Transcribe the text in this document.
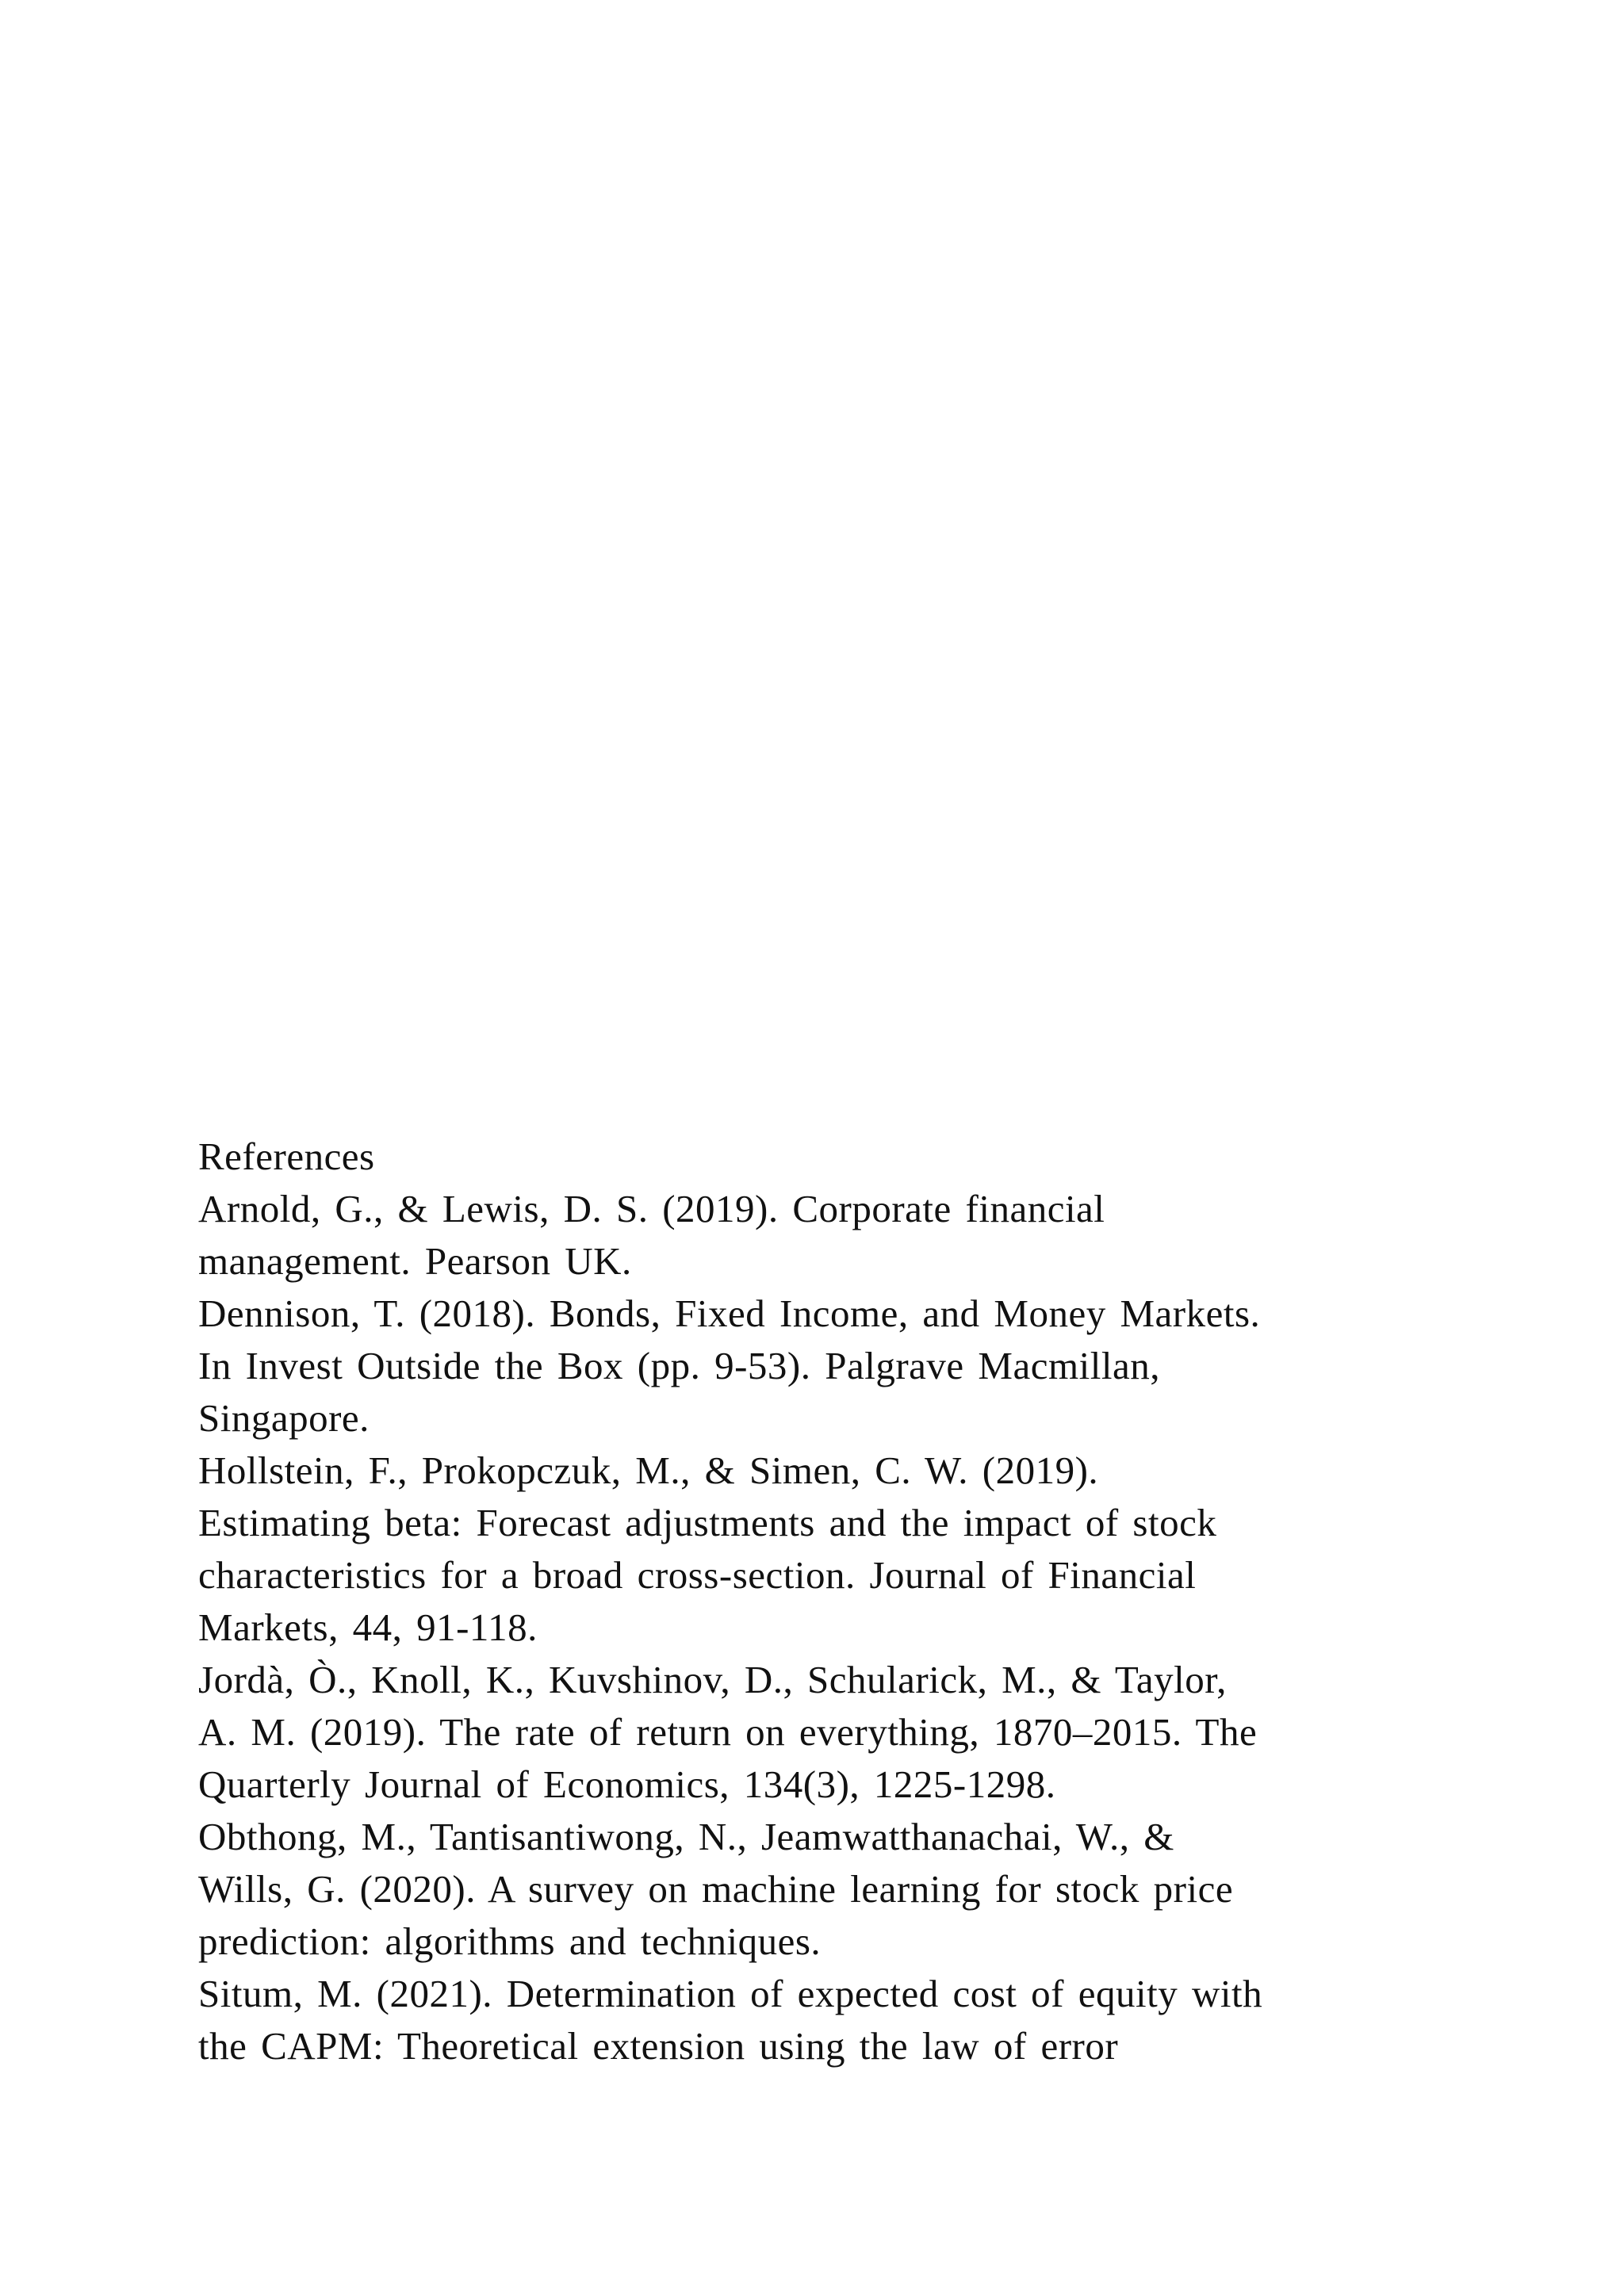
References
Arnold, G., & Lewis, D. S. (2019). Corporate financial
management. Pearson UK.
Dennison, T. (2018). Bonds, Fixed Income, and Money Markets.
In Invest Outside the Box (pp. 9-53). Palgrave Macmillan,
Singapore.
Hollstein, F., Prokopczuk, M., & Simen, C. W. (2019).
Estimating beta: Forecast adjustments and the impact of stock
characteristics for a broad cross-section. Journal of Financial
Markets, 44, 91-118.
Jordà, Ò., Knoll, K., Kuvshinov, D., Schularick, M., & Taylor,
A. M. (2019). The rate of return on everything, 1870–2015. The
Quarterly Journal of Economics, 134(3), 1225-1298.
Obthong, M., Tantisantiwong, N., Jeamwatthanachai, W., &
Wills, G. (2020). A survey on machine learning for stock price
prediction: algorithms and techniques.
Situm, M. (2021). Determination of expected cost of equity with
the CAPM: Theoretical extension using the law of error
